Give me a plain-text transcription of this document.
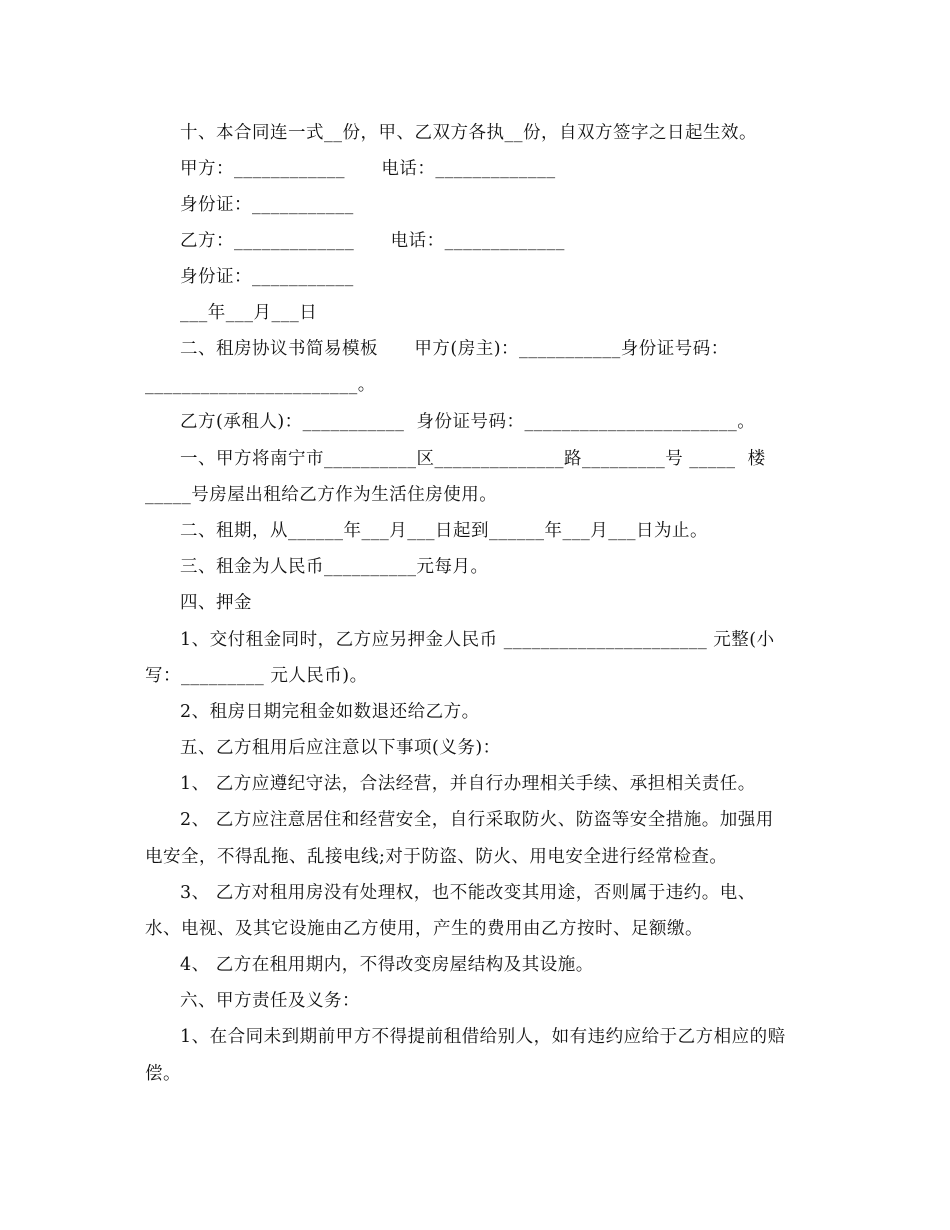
十、本合同连一式__份，甲、乙双方各执__份，自双方签字之日起生效。
甲方：____________      电话：_____________
身份证：___________
乙方：_____________      电话：_____________
身份证：___________
___年___月___日
二、租房协议书简易模板      甲方(房主)：___________身份证号码：
_______________________。
乙方(承租人)：___________  身份证号码：_______________________。
一、甲方将南宁市__________区______________路_________号 _____  楼
_____号房屋出租给乙方作为生活住房使用。
二、租期，从______年___月___日起到______年___月___日为止。
三、租金为人民币__________元每月。
四、押金
1、交付租金同时，乙方应另押金人民币 ______________________ 元整(小
写：_________ 元人民币)。
2、租房日期完租金如数退还给乙方。
五、乙方租用后应注意以下事项(义务)：
1、 乙方应遵纪守法，合法经营，并自行办理相关手续、承担相关责任。
2、 乙方应注意居住和经营安全，自行采取防火、防盗等安全措施。加强用
电安全，不得乱拖、乱接电线;对于防盗、防火、用电安全进行经常检查。
3、 乙方对租用房没有处理权，也不能改变其用途，否则属于违约。电、
水、电视、及其它设施由乙方使用，产生的费用由乙方按时、足额缴。
4、 乙方在租用期内，不得改变房屋结构及其设施。
六、甲方责任及义务：
1、在合同未到期前甲方不得提前租借给别人，如有违约应给于乙方相应的赔
偿。
